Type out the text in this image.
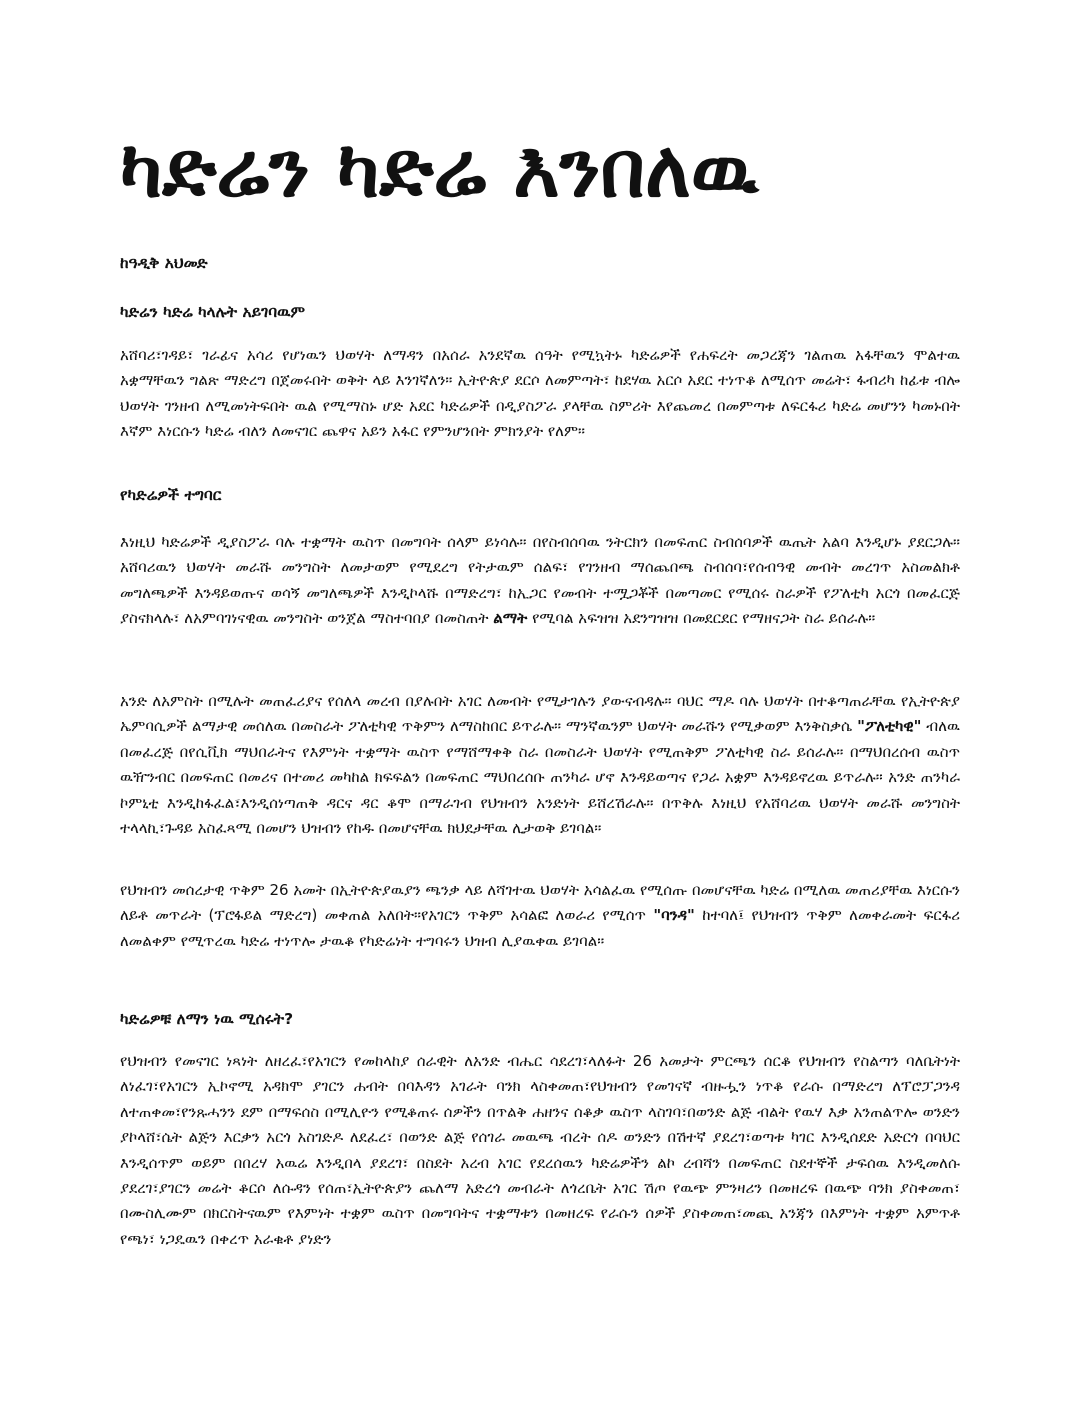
ካድሬን ካድሬ እንበለዉ

ከዓዲቅ አህመድ

ካድሬን ካድሬ ካላሉት አይገባዉም

አሸባሪ፣ገዳይ፣ ገራፊና አሳሪ የሆነዉን ህወሃት ለማዳን በአሰራ አንደኛዉ ሰዓት የሚኳትኑ ካድሬዎች የሐፍረት መጋረጃን ገልጠዉ አፋቸዉን ሞልተዉ አቋማቸዉን ግልጽ ማድረግ በጀመሩበት ወቅት ላይ እንገኛለን። ኢትዮጵያ ደርሶ ለመምጣት፣ ከደሃዉ አርሶ አደር ተነጥቆ ለሚሰጥ መሬት፣ ፋብሪካ ከፊቱ ብሎ ህወሃት ገንዘብ ለሚመነትፍበት ዉል የሚማስኑ ሆድ አደር ካድሬዎች በዲያስፖራ ያላቸዉ ስምሪት እየጨመረ በመምጣቱ ለፍርፋሪ ካድሬ መሆንን ካመኑበት እኛም እነርሱን ካድሬ ብለን ለመናገር ጨዋና አይን አፋር የምንሆንበት ምክንያት የለም።

የካድሬዎች ተግባር

እነዚህ ካድሬዎች ዲያስፖራ ባሉ ተቋማት ዉስጥ በመግባት ሰላም ይነሳሉ። በየስብሰባዉ ንትርክን በመፍጠር ስብሰባዎች ዉጤት አልባ እንዲሆኑ ያደርጋሉ። አሸባሪዉን ህወሃት መራሹ መንግስት ለመታወም የሚደረግ የትታዉም ሰልፍ፣ የገንዘብ ማሰጨበጫ ስብሰባ፣የሰብዓዊ መብት መረገጥ አስመልክቶ መግለጫዎች እንዳይወጡና ወሳኝ መግለጫዎች እንዲኮላሹ በማድረግ፣ ከኢጋር የመብት ተሟጋቾች በመጣመር የሚሰሩ ስራዎች የፖለቲካ አርጎ በመፈርጅ ያስናክላሉ፣ ለአምባገነናዊዉ መንግስት ወንጀል ማስተባበያ በመስጠት ልማት የሚባል አፍዝዝ አደንግዝዝ በመደርደር የማዘናጋት ስራ ይሰራሉ።

አንድ ለአምስት በሚሉት መጠፈሪያና የሰለላ መረብ በያሉበት አገር ለመብት የሚታገሉን ያውናብዳሉ። ባህር ማዶ ባሉ ህወሃት በተቆጣጠራቸዉ የኢትዮጵያ ኤምባሲዎች ልማታዊ መሰለዉ በመስራት ፖለቲካዊ ጥቅምን ለማስከበር ይጥራሉ። ማንኛዉንም ህወሃት መራሹን የሚቃወም እንቅስቃሴ "ፖለቲካዊ" ብለዉ በመፈረጅ በየሲቪክ ማህበራትና የእምነት ተቋማት ዉስጥ የማሸማቀቅ ስራ በመስራት ህወሃት የሚጠቅም ፖለቲካዊ ስራ ይሰራሉ። በማህበረሰብ ዉስጥ ዉዥንብር በመፍጠር በመሪና በተመሪ መካከል ክፍፍልን በመፍጠር ማህበረሰቡ ጠንካራ ሆኖ እንዳይወጣና የጋራ አቋም እንዳይኖረዉ ይጥራሉ። አንድ ጠንካራ ኮምኒቲ እንዲከፋፈል፣እንዲሰነጣጠቅ ዳርና ዳር ቆሞ በማራገብ የህዝብን አንድነት ይሸረሽራሉ። በጥቅሉ እነዚህ የአሸባሪዉ ህወሃት መራሹ መንግስት ተላላኪ፣ጉዳይ አስፈጻሚ በመሆን ህዝብን የከዱ በመሆናቸዉ ክህደታቸዉ ሊታወቅ ይገባል።

የህዝብን መሰረታዊ ጥቅም 26 አመት በኢትዮጵያዉያን ጫንቃ ላይ ለሻገተዉ ህወሃት አሳልፈዉ የሚሰጡ በመሆናቸዉ ካድሬ በሚለዉ መጠሪያቸዉ እነርሱን ለይቶ መጥራት (ፕሮፋይል ማድረግ) መቀጠል አለበት።የአገርን ጥቅም አሳልፎ ለወራሪ የሚሰጥ "ባንዳ" ከተባለ፤ የህዝብን ጥቅም ለመቀራመት ፍርፋሪ ለመልቀም የሚጥረዉ ካድሬ ተነጥሎ ታዉቆ የካድሬነት ተግባሩን ህዝብ ሊያዉቀዉ ይገባል።

ካድሬዎቹ ለማን ነዉ ሚሰሩት?

የህዝብን የመናገር ነጻነት ለዘረፈ፣የአገርን የመከላከያ ሰራዊት ለአንድ ብሔር ሳደረገ፣ላለፉት 26 አመታት ምርጫን ሰርቆ የህዝብን የስልጣን ባለቤትነት ለነፈገ፣የአገርን ኢኮኖሚ አዳክሞ ያገርን ሐብት በባእዳን አገራት ባንክ ላስቀመጠ፣የህዝብን የመገናኛ ብዙሗን ነጥቆ የራሱ በማድረግ ለፕሮፓጋንዳ ለተጠቀመ፣የንጹሓንን ደም በማፍሰስ በሚሊዮን የሚቆጠሩ ሰዎችን በጥልቅ ሐዘንና ሰቆቃ ዉስጥ ላስገባ፣በወንድ ልጅ ብልት የዉሃ እቃ አንጠልጥሎ ወንድን ያኮላሸ፣ሴት ልጅን እርቃን አርጎ አስገድዶ ለደፈረ፣ በወንድ ልጅ የሰገራ መዉጫ ብረት ሰዶ ወንድን በሽተኛ ያደረገ፣ወጣቱ ካገር እንዲሰደድ አድርጎ በባህር እንዲሰጥም ወይም በበረሃ አዉሬ እንዲበላ ያደረገ፣ በስደት አረብ አገር የደረሰዉን ካድሬዎችን ልኮ ረብሻን በመፍጠር ስደተኞች ታፍሰዉ እንዲመለሱ ያደረገ፣ያገርን መሬት ቆርሶ ለሱዳን የሰጠ፣ኢትዮጵያን ጨለማ አድረጎ መብራት ለጎረቤት አገር ሽጦ የዉጭ ምንዛሪን በመዘረፍ በዉጭ ባንክ ያስቀመጠ፣ በሙስሊሙም በክርስትናዉም የእምነት ተቋም ዉስጥ በመግባትና ተቋማቱን በመዘረፍ የራሱን ሰዎች ያስቀመጠ፣መጪ አንጃን በእምነት ተቋም አምጥቶ የጫነ፣ ነጋዴዉን በቀረጥ አራቁቶ ያነድን
